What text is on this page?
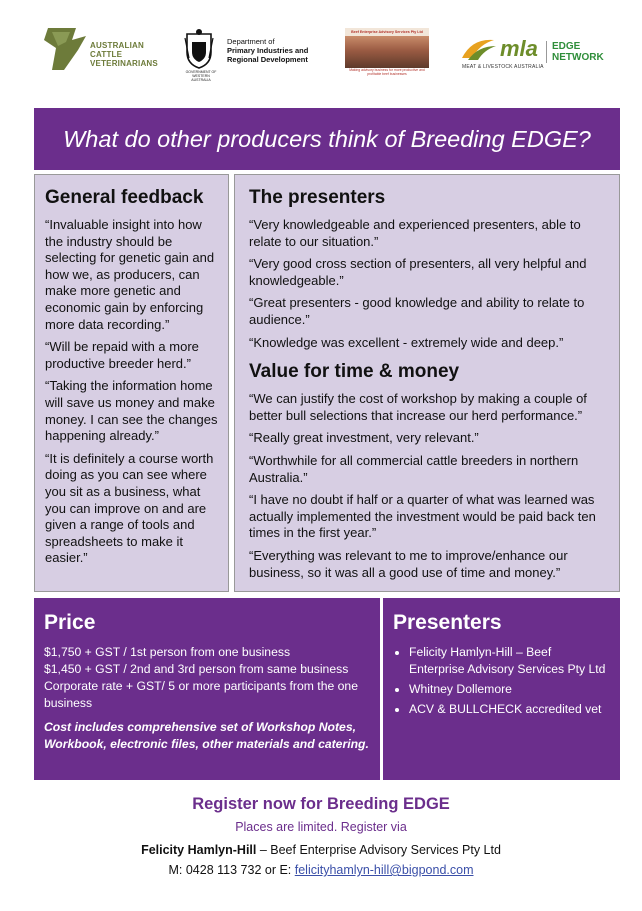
AUSTRALIAN
CATTLE
VETERINARIANS
GOVERNMENT OF WESTERN AUSTRALIA
Department of
Primary Industries and
Regional Development
Beef Enterprise Advisory Services Pty Ltd
Making advisory business for more productive and profitable beef businesses
mla
MEAT & LIVESTOCK AUSTRALIA
EDGE
NETWORK
What do other producers think of Breeding EDGE?
General feedback

“Invaluable insight into how the industry should be selecting for genetic gain and how we, as producers, can make more genetic and economic gain by enforcing more data recording.”

“Will be repaid with a more productive breeder herd.”

“Taking the information home will save us money and make money. I can see the changes happening already.”

“It is definitely a course worth doing as you can see where you sit as a business, what you can improve on and are given a range of tools and spreadsheets to make it easier.”

The presenters

“Very knowledgeable and experienced presenters, able to relate to our situation.”

“Very good cross section of presenters, all very helpful and knowledgeable.”

“Great presenters - good knowledge and ability to relate to audience.”

“Knowledge was excellent - extremely wide and deep.”

Value for time & money

“We can justify the cost of workshop by making a couple of better bull selections that increase our herd performance.”

“Really great investment, very relevant.”

“Worthwhile for all commercial cattle breeders in northern Australia.”

“I have no doubt if half or a quarter of what was learned was actually implemented the investment would be paid back ten times in the first year.”

“Everything was relevant to me to improve/enhance our business, so it was all a good use of time and money.”

Price

$1,750 + GST / 1st person from one business

$1,450 + GST / 2nd and 3rd person from same business

Corporate rate + GST/ 5 or more participants from the one business

Cost includes comprehensive set of Workshop Notes, Workbook, electronic files, other materials and catering.

Presenters
• Felicity Hamlyn-Hill – Beef Enterprise Advisory Services Pty Ltd
• Whitney Dollemore
• ACV & BULLCHECK accredited vet
Register now for Breeding EDGE
Places are limited. Register via
Felicity Hamlyn-Hill – Beef Enterprise Advisory Services Pty Ltd
M: 0428 113 732 or E: felicityhamlyn-hill@bigpond.com
